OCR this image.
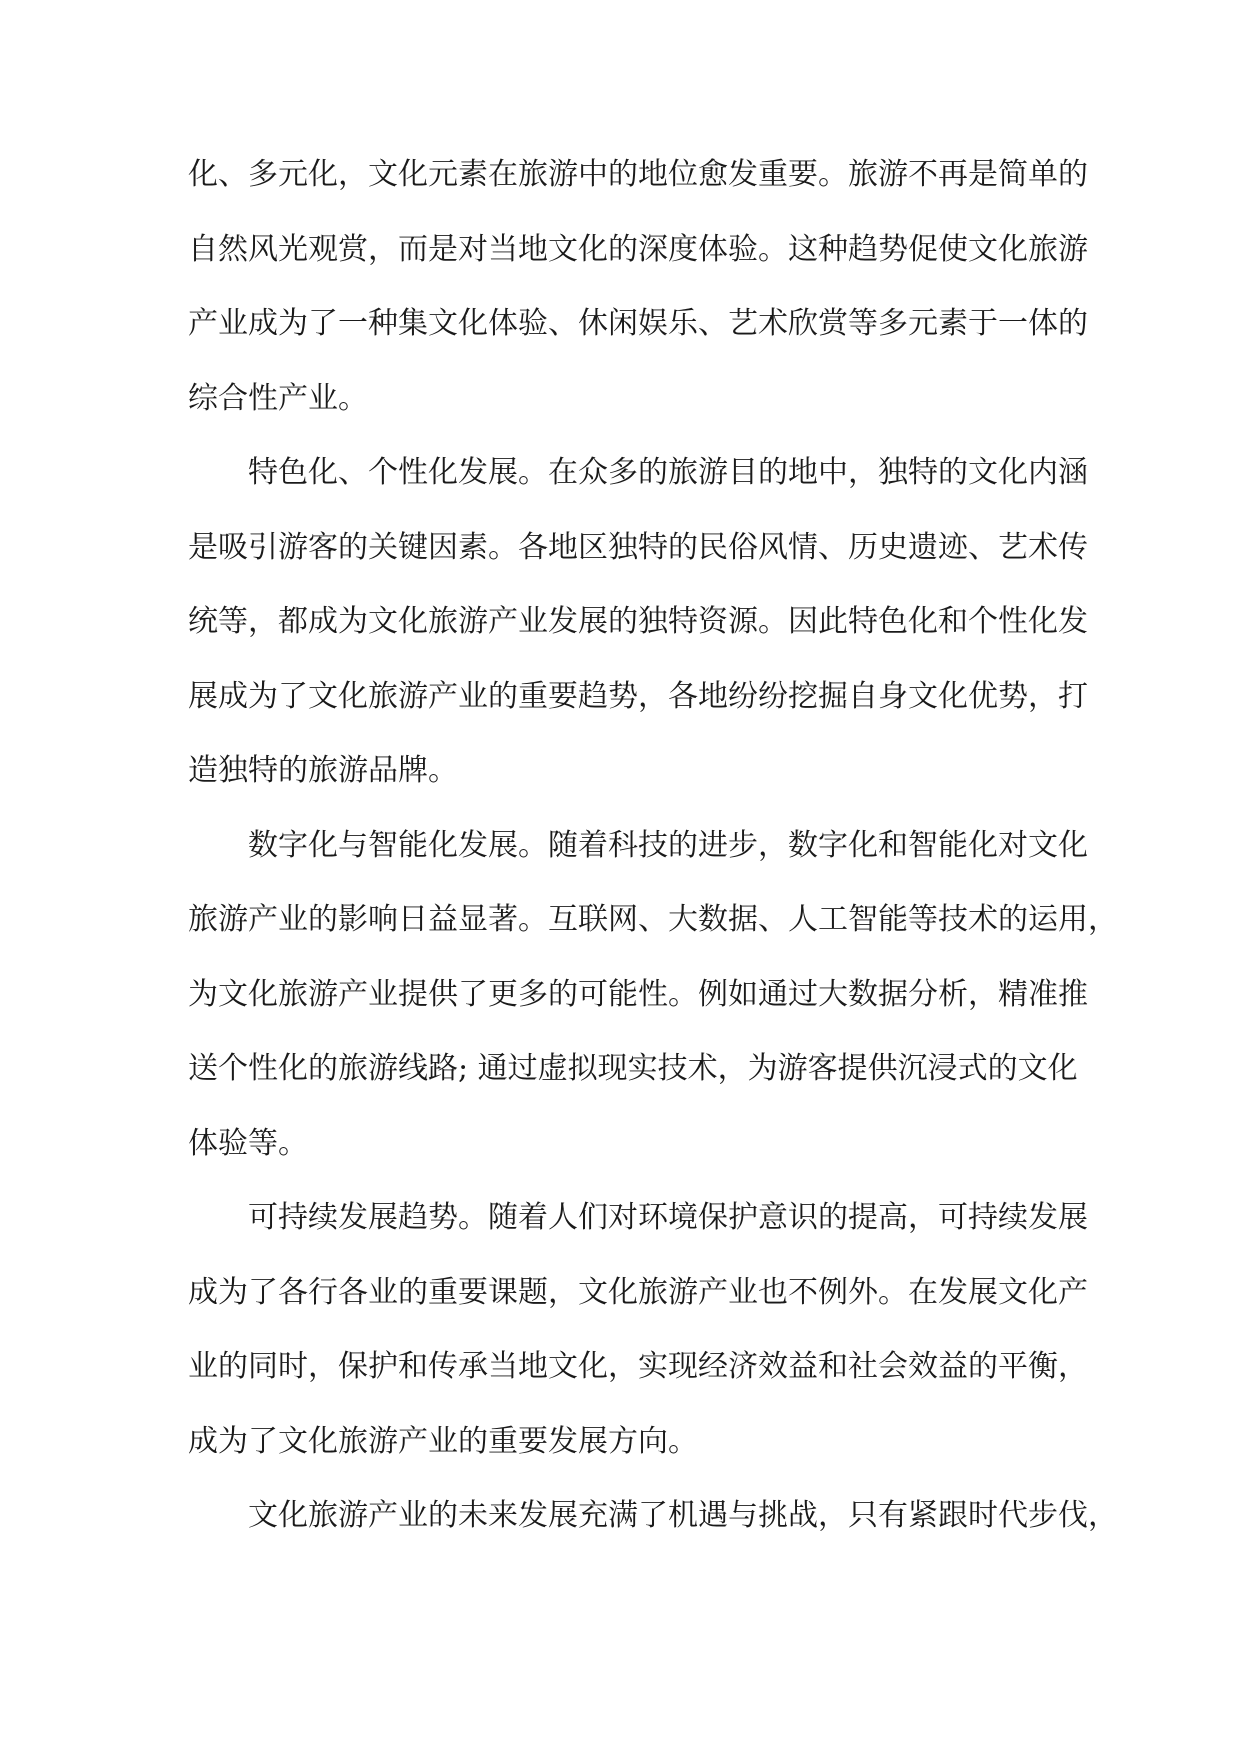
化、多元化，文化元素在旅游中的地位愈发重要。旅游不再是简单的
自然风光观赏，而是对当地文化的深度体验。这种趋势促使文化旅游
产业成为了一种集文化体验、休闲娱乐、艺术欣赏等多元素于一体的
综合性产业。
特色化、个性化发展。在众多的旅游目的地中，独特的文化内涵
是吸引游客的关键因素。各地区独特的民俗风情、历史遗迹、艺术传
统等，都成为文化旅游产业发展的独特资源。因此特色化和个性化发
展成为了文化旅游产业的重要趋势，各地纷纷挖掘自身文化优势，打
造独特的旅游品牌。
数字化与智能化发展。随着科技的进步，数字化和智能化对文化
旅游产业的影响日益显著。互联网、大数据、人工智能等技术的运用，
为文化旅游产业提供了更多的可能性。例如通过大数据分析，精准推
送个性化的旅游线路; 通过虚拟现实技术，为游客提供沉浸式的文化
体验等。
可持续发展趋势。随着人们对环境保护意识的提高，可持续发展
成为了各行各业的重要课题，文化旅游产业也不例外。在发展文化产
业的同时，保护和传承当地文化，实现经济效益和社会效益的平衡，
成为了文化旅游产业的重要发展方向。
文化旅游产业的未来发展充满了机遇与挑战，只有紧跟时代步伐，
